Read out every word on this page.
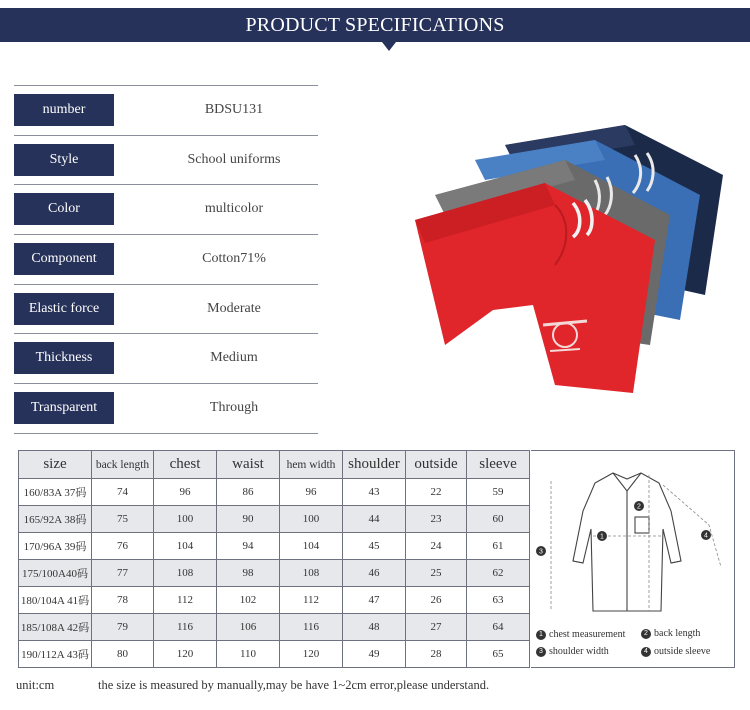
PRODUCT SPECIFICATIONS
number	BDSU131
Style	School uniforms
Color	multicolor
Component	Cotton71%
Elastic force	Moderate
Thickness	Medium
Transparent	Through
size	back length	chest	waist	hem width	shoulder	outside	sleeve
160/83A 37码	74	96	86	96	43	22	59
165/92A 38码	75	100	90	100	44	23	60
170/96A 39码	76	104	94	104	45	24	61
175/100A40码	77	108	98	108	46	25	62
180/104A 41码	78	112	102	112	47	26	63
185/108A 42码	79	116	106	116	48	27	64
190/112A 43码	80	120	110	120	49	28	65
1
2
3
4
1 chest measurement	2 back length
3 shoulder width	4 outside sleeve
unit:cm	the size is measured by manually,may be have 1~2cm error,please understand.
